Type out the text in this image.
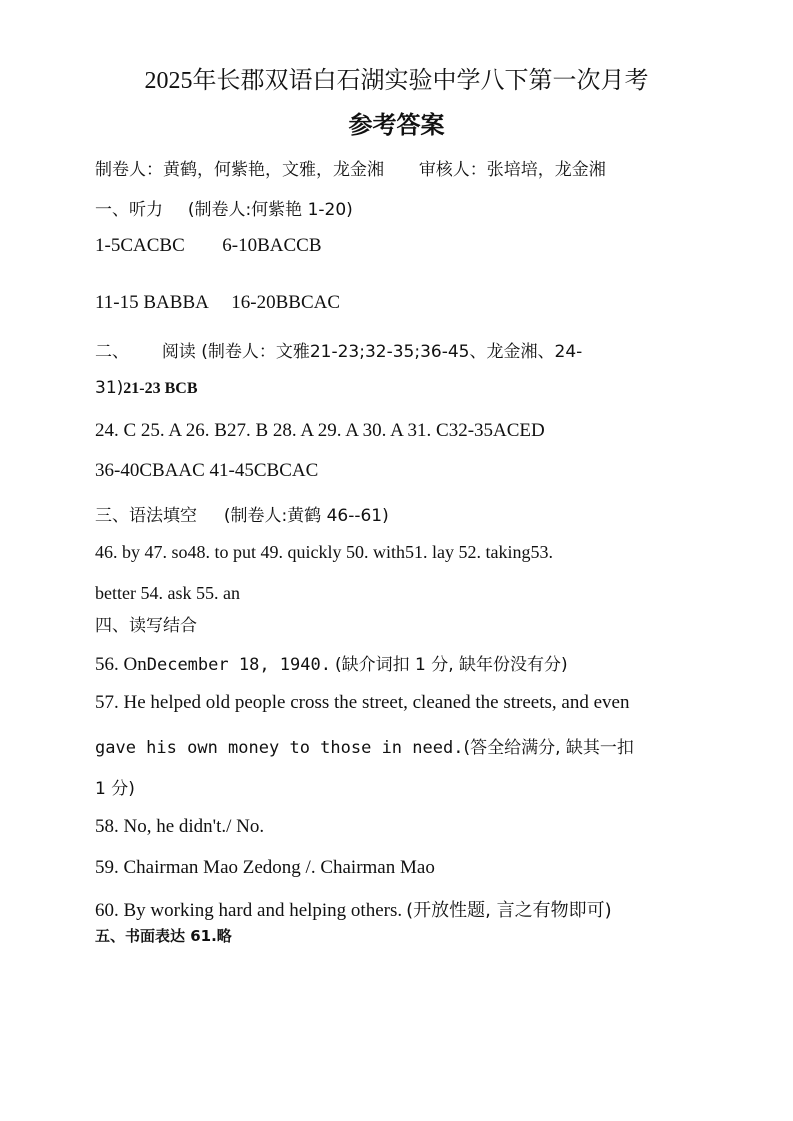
2025年长郡双语白石湖实验中学八下第一次月考

参考答案

制卷人：黄鹤，何紫艳，文雅，龙金湘 审核人：张培培，龙金湘

一、听力 (制卷人:何紫艳 1-20)

1-5CACBC 6-10BACCB

11-15 BABBA 16-20BBCAC

二、 阅读 (制卷人：文雅21-23;32-35;36-45、龙金湘、24-

31)21-23 BCB

24. C 25. A 26. B27. B 28. A 29. A 30. A 31. C32-35ACED

36-40CBAAC 41-45CBCAC

三、语法填空 (制卷人:黄鹤 46--61)

46. by 47. so48. to put 49. quickly 50. with51. lay 52. taking53.

better 54. ask 55. an

四、读写结合

56. OnDecember 18, 1940. (缺介词扣 1 分, 缺年份没有分)

57. He helped old people cross the street, cleaned the streets, and even

gave his own money to those in need.(答全给满分, 缺其一扣

1 分)

58. No, he didn't./ No.

59. Chairman Mao Zedong /. Chairman Mao

60. By working hard and helping others. (开放性题, 言之有物即可)

五、书面表达 61.略
